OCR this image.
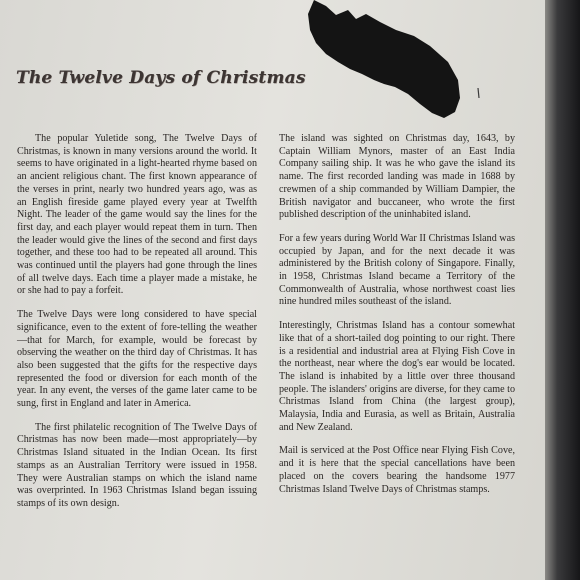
The Twelve Days of Christmas

The popular Yuletide song, The Twelve Days of Christmas, is known in many versions around the world. It seems to have originated in a light-hearted rhyme based on an ancient religious chant. The first known appearance of the verses in print, nearly two hundred years ago, was as an English fireside game played every year at Twelfth Night. The leader of the game would say the lines for the first day, and each player would repeat them in turn. Then the leader would give the lines of the second and first days together, and these too had to be repeated all around. This was continued until the players had gone through the lines of all twelve days. Each time a player made a mistake, he or she had to pay a forfeit.

The Twelve Days were long considered to have special significance, even to the extent of fore-telling the weather—that for March, for example, would be forecast by observing the weather on the third day of Christmas. It has also been suggested that the gifts for the respective days represented the food or diversion for each month of the year. In any event, the verses of the game later came to be sung, first in England and later in America.

The first philatelic recognition of The Twelve Days of Christmas has now been made—most appropriately—by Christmas Island situated in the Indian Ocean. Its first stamps as an Australian Territory were issued in 1958. They were Australian stamps on which the island name was overprinted. In 1963 Christmas Island began issuing stamps of its own design.

The island was sighted on Christmas day, 1643, by Captain William Mynors, master of an East India Company sailing ship. It was he who gave the island its name. The first recorded landing was made in 1688 by crewmen of a ship commanded by William Dampier, the British navigator and buccaneer, who wrote the first published description of the uninhabited island.

For a few years during World War II Christmas Island was occupied by Japan, and for the next decade it was administered by the British colony of Singapore. Finally, in 1958, Christmas Island became a Territory of the Commonwealth of Australia, whose northwest coast lies nine hundred miles southeast of the island.

Interestingly, Christmas Island has a contour somewhat like that of a short-tailed dog pointing to our right. There is a residential and industrial area at Flying Fish Cove in the northeast, near where the dog's ear would be located. The island is inhabited by a little over three thousand people. The islanders' origins are diverse, for they came to Christmas Island from China (the largest group), Malaysia, India and Eurasia, as well as Britain, Australia and New Zealand.

Mail is serviced at the Post Office near Flying Fish Cove, and it is here that the special cancellations have been placed on the covers bearing the handsome 1977 Christmas Island Twelve Days of Christmas stamps.
